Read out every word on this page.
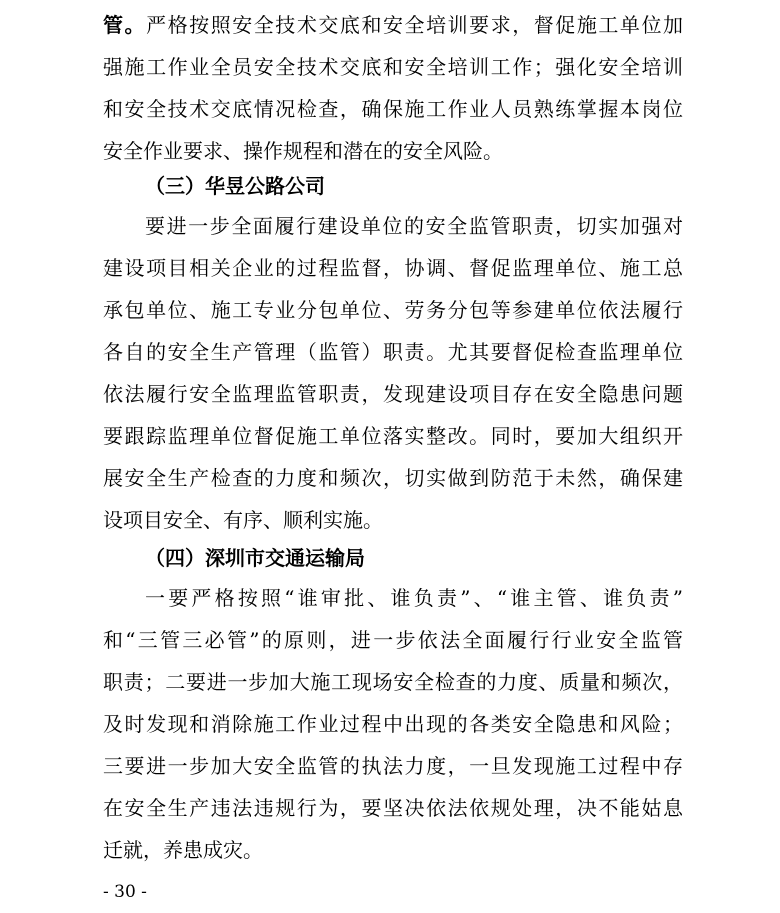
管。严格按照安全技术交底和安全培训要求，督促施工单位加
强施工作业全员安全技术交底和安全培训工作；强化安全培训
和安全技术交底情况检查，确保施工作业人员熟练掌握本岗位
安全作业要求、操作规程和潜在的安全风险。
（三）华昱公路公司
要进一步全面履行建设单位的安全监管职责，切实加强对
建设项目相关企业的过程监督，协调、督促监理单位、施工总
承包单位、施工专业分包单位、劳务分包等参建单位依法履行
各自的安全生产管理（监管）职责。尤其要督促检查监理单位
依法履行安全监理监管职责，发现建设项目存在安全隐患问题
要跟踪监理单位督促施工单位落实整改。同时，要加大组织开
展安全生产检查的力度和频次，切实做到防范于未然，确保建
设项目安全、有序、顺利实施。
（四）深圳市交通运输局
一要严格按照“谁审批、谁负责”、“谁主管、谁负责”
和“三管三必管”的原则，进一步依法全面履行行业安全监管
职责；二要进一步加大施工现场安全检查的力度、质量和频次，
及时发现和消除施工作业过程中出现的各类安全隐患和风险；
三要进一步加大安全监管的执法力度，一旦发现施工过程中存
在安全生产违法违规行为，要坚决依法依规处理，决不能姑息
迁就，养患成灾。
- 30 -
